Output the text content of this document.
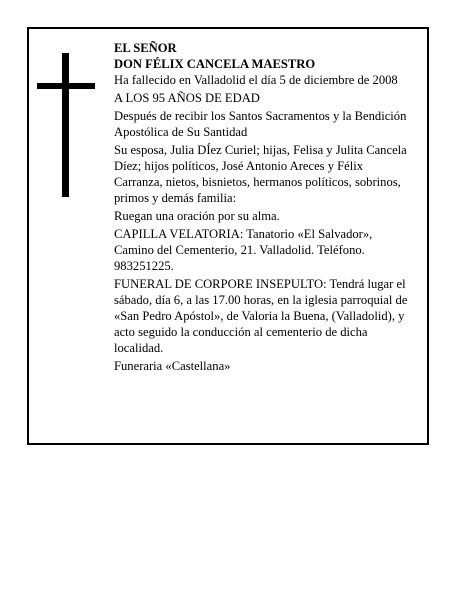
EL SEÑOR

DON FÉLIX CANCELA MAESTRO

Ha fallecido en Valladolid el día 5 de diciembre de 2008

A LOS 95 AÑOS DE EDAD

Después de recibir los Santos Sacramentos y la Bendición Apostólica de Su Santidad

Su esposa, Julia DÍez Curiel; hijas, Felisa y Julita Cancela Díez; hijos políticos, José Antonio Areces y Félix Carranza, nietos, bisnietos, hermanos políticos, sobrinos, primos y demás familia:

Ruegan una oración por su alma.

CAPILLA VELATORIA: Tanatorio «El Salvador», Camino del Cementerio, 21. Valladolid. Teléfono. 983251225.

FUNERAL DE CORPORE INSEPULTO: Tendrá lugar el sábado, día 6, a las 17.00 horas, en la iglesia parroquial de «San Pedro Apóstol», de Valoria la Buena, (Valladolid), y acto seguido la conducción al cementerio de dicha localidad.

Funeraria «Castellana»
